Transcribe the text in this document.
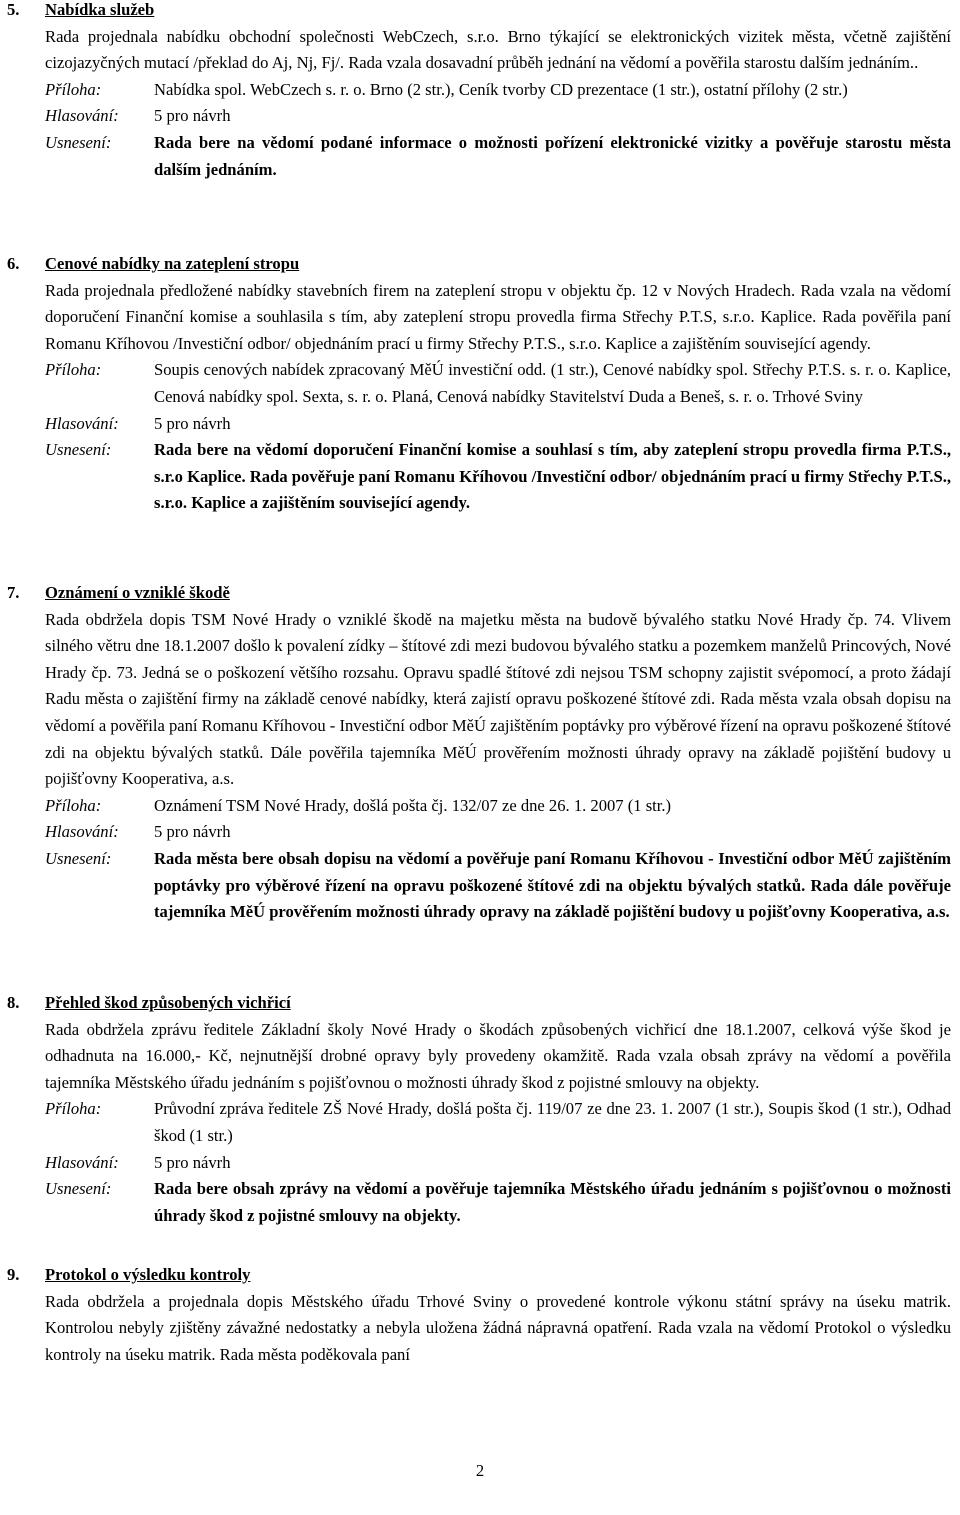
5.	Nabídka služeb
Rada projednala nabídku obchodní společnosti WebCzech, s.r.o. Brno týkající se elektronických vizitek města, včetně zajištění cizojazyčných mutací /překlad do Aj, Nj, Fj/. Rada vzala dosavadní průběh jednání na vědomí a pověřila starostu dalším jednáním..
Příloha:	Nabídka spol. WebCzech s. r. o. Brno (2 str.), Ceník tvorby CD prezentace (1 str.), ostatní přílohy (2 str.)
Hlasování:	5 pro návrh
Usnesení:	Rada bere na vědomí podané informace o možnosti pořízení elektronické vizitky a pověřuje starostu města dalším jednáním.
6.	Cenové nabídky na zateplení stropu
Rada projednala předložené nabídky stavebních firem na zateplení stropu v objektu čp. 12 v Nových Hradech. Rada vzala na vědomí doporučení Finanční komise a souhlasila s tím, aby zateplení stropu provedla firma Střechy P.T.S, s.r.o. Kaplice. Rada pověřila paní Romanu Kříhovou /Investiční odbor/ objednáním prací u firmy Střechy P.T.S., s.r.o. Kaplice a zajištěním související agendy.
Příloha:	Soupis cenových nabídek zpracovaný MěÚ investiční odd. (1 str.), Cenové nabídky spol. Střechy P.T.S. s. r. o. Kaplice, Cenová nabídky spol. Sexta, s. r. o. Planá, Cenová nabídky Stavitelství Duda a Beneš, s. r. o. Trhové Sviny
Hlasování:	5 pro návrh
Usnesení:	Rada bere na vědomí doporučení Finanční komise a souhlasí s tím, aby zateplení stropu provedla firma P.T.S., s.r.o Kaplice. Rada pověřuje paní Romanu Kříhovou /Investiční odbor/ objednáním prací u firmy Střechy P.T.S., s.r.o. Kaplice a zajištěním související agendy.
7.	Oznámení o vzniklé škodě
Rada obdržela dopis TSM Nové Hrady o vzniklé škodě na majetku města na budově bývalého statku Nové Hrady čp. 74. Vlivem silného větru dne 18.1.2007 došlo k povalení zídky – štítové zdi mezi budovou bývalého statku a pozemkem manželů Princových, Nové Hrady čp. 73. Jedná se o poškození většího rozsahu. Opravu spadlé štítové zdi nejsou TSM schopny zajistit svépomocí, a proto žádají Radu města o zajištění firmy na základě cenové nabídky, která zajistí opravu poškozené štítové zdi. Rada města vzala obsah dopisu na vědomí a pověřila paní Romanu Kříhovou - Investiční odbor MěÚ zajištěním poptávky pro výběrové řízení na opravu poškozené štítové zdi na objektu bývalých statků. Dále pověřila tajemníka MěÚ prověřením možnosti úhrady opravy na základě pojištění budovy u pojišťovny Kooperativa, a.s.
Příloha:	Oznámení TSM Nové Hrady, došlá pošta čj. 132/07 ze dne 26. 1. 2007 (1 str.)
Hlasování:	5 pro návrh
Usnesení:	Rada města bere obsah dopisu na vědomí a pověřuje paní Romanu Kříhovou - Investiční odbor MěÚ zajištěním poptávky pro výběrové řízení na opravu poškozené štítové zdi na objektu bývalých statků. Rada dále pověřuje tajemníka MěÚ prověřením možnosti úhrady opravy na základě pojištění budovy u pojišťovny Kooperativa, a.s.
8.	Přehled škod způsobených vichřicí
Rada obdržela zprávu ředitele Základní školy Nové Hrady o škodách způsobených vichřicí dne 18.1.2007, celková výše škod je odhadnuta na 16.000,- Kč, nejnutnější drobné opravy byly provedeny okamžitě. Rada vzala obsah zprávy na vědomí a pověřila tajemníka Městského úřadu jednáním s pojišťovnou o možnosti úhrady škod z pojistné smlouvy na objekty.
Příloha:	Průvodní zpráva ředitele ZŠ Nové Hrady, došlá pošta čj. 119/07 ze dne 23. 1. 2007 (1 str.), Soupis škod (1 str.), Odhad škod (1 str.)
Hlasování:	5 pro návrh
Usnesení:	Rada bere obsah zprávy na vědomí a pověřuje tajemníka Městského úřadu jednáním s pojišťovnou o možnosti úhrady škod z pojistné smlouvy na objekty.
9.	Protokol o výsledku kontroly
Rada obdržela a projednala dopis Městského úřadu Trhové Sviny o provedené kontrole výkonu státní správy na úseku matrik. Kontrolou nebyly zjištěny závažné nedostatky a nebyla uložena žádná nápravná opatření. Rada vzala na vědomí Protokol o výsledku kontroly na úseku matrik. Rada města poděkovala paní
2
